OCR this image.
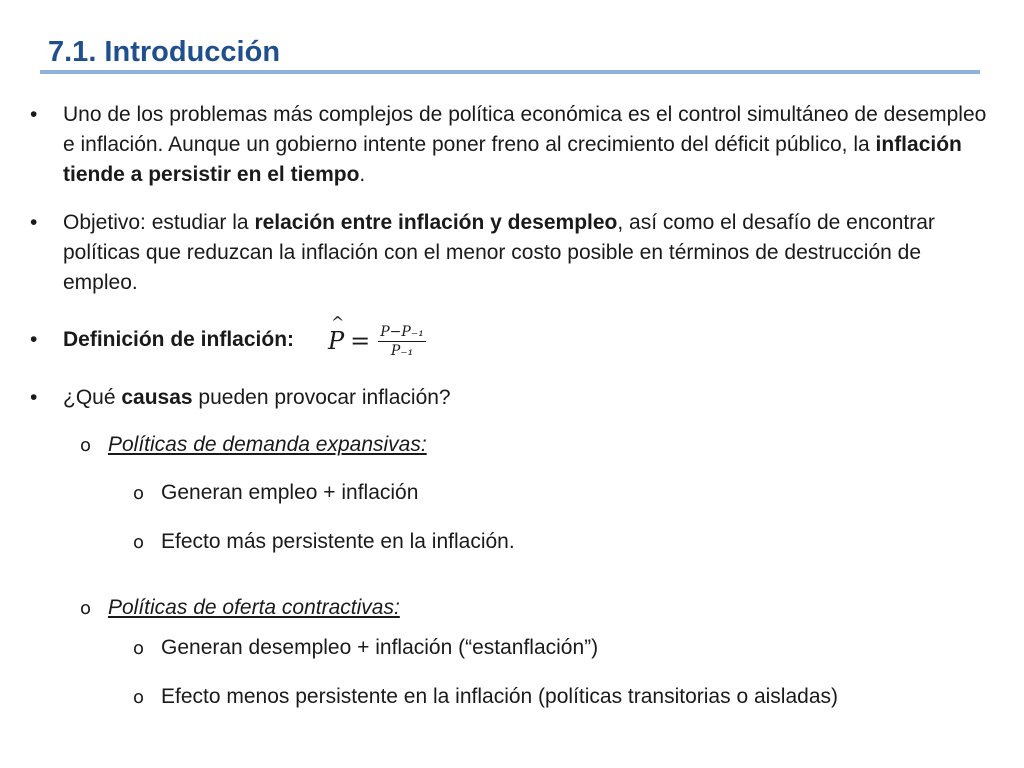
7.1. Introducción
• Uno de los problemas más complejos de política económica es el control simultáneo de desempleo e inflación. Aunque un gobierno intente poner freno al crecimiento del déficit público, la inflación tiende a persistir en el tiempo.

• Objetivo: estudiar la relación entre inflación y desempleo, así como el desafío de encontrar políticas que reduzcan la inflación con el menor costo posible en términos de destrucción de empleo.

• Definición de inflación:	P
^
= $\frac{\text{P−P₋₁}}{\text{P₋₁}}$
• ¿Qué causas pueden provocar inflación?

o Políticas de demanda expansivas:
o Generan empleo + inflación
o Efecto más persistente en la inflación.
o Políticas de oferta contractivas:
o Generan desempleo + inflación (“estanflación”)
o Efecto menos persistente en la inflación (políticas transitorias o aisladas)
